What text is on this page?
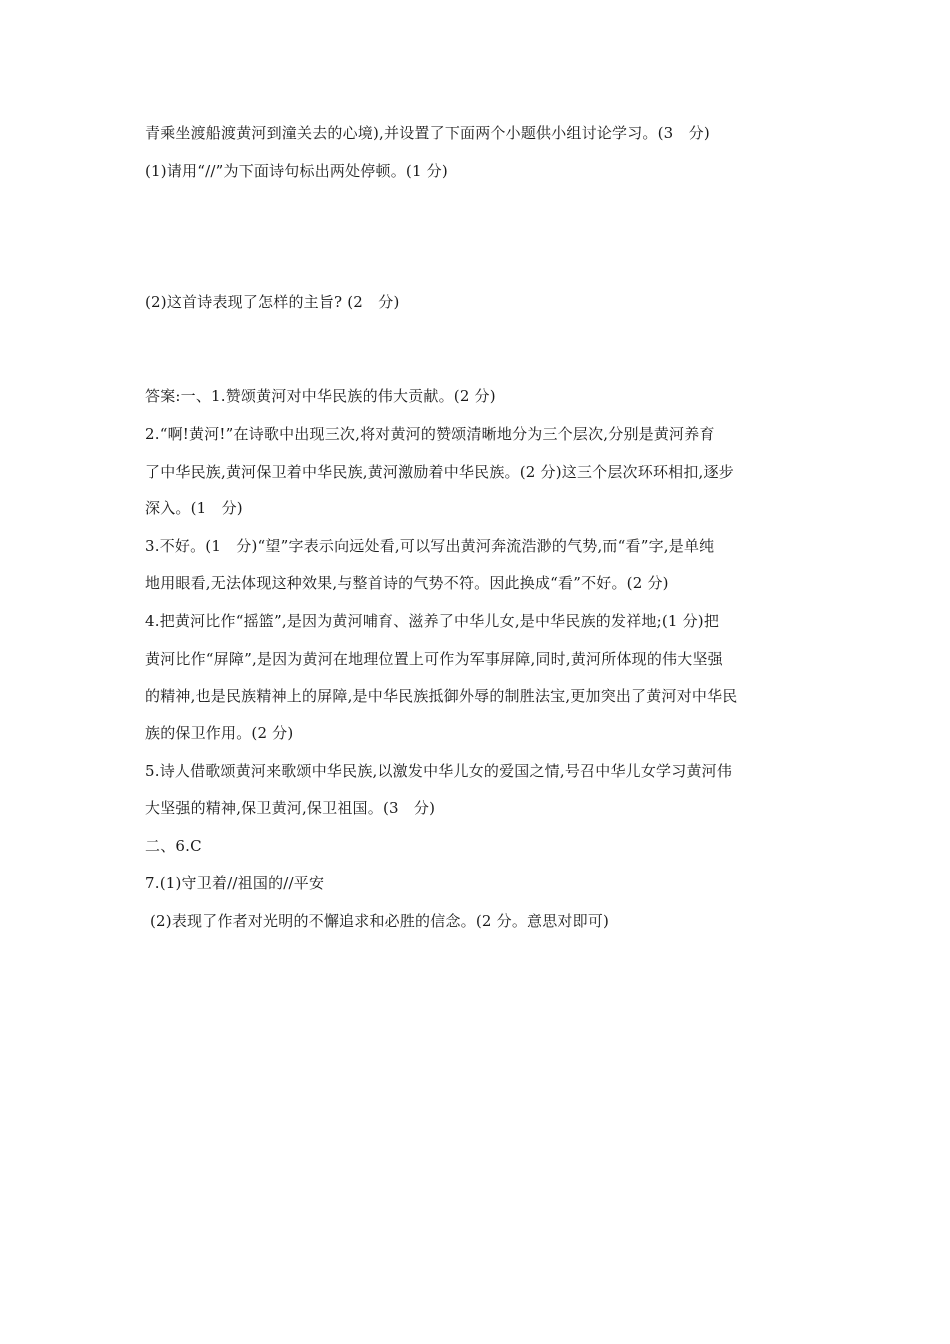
青乘坐渡船渡黄河到潼关去的心境),并设置了下面两个小题供小组讨论学习。(3　分)
(1)请用“//”为下面诗句标出两处停顿。(1 分)
(2)这首诗表现了怎样的主旨? (2　分)
答案:一、1.赞颂黄河对中华民族的伟大贡献。(2 分)
2.“啊!黄河!”在诗歌中出现三次,将对黄河的赞颂清晰地分为三个层次,分别是黄河养育
了中华民族,黄河保卫着中华民族,黄河激励着中华民族。(2 分)这三个层次环环相扣,逐步
深入。(1　分)
3.不好。(1　分)“望”字表示向远处看,可以写出黄河奔流浩渺的气势,而“看”字,是单纯
地用眼看,无法体现这种效果,与整首诗的气势不符。因此换成“看”不好。(2 分)
4.把黄河比作“摇篮”,是因为黄河哺育、滋养了中华儿女,是中华民族的发祥地;(1 分)把
黄河比作“屏障”,是因为黄河在地理位置上可作为军事屏障,同时,黄河所体现的伟大坚强
的精神,也是民族精神上的屏障,是中华民族抵御外辱的制胜法宝,更加突出了黄河对中华民
族的保卫作用。(2 分)
5.诗人借歌颂黄河来歌颂中华民族,以激发中华儿女的爱国之情,号召中华儿女学习黄河伟
大坚强的精神,保卫黄河,保卫祖国。(3　分)
二、6.C
7.(1)守卫着//祖国的//平安
(2)表现了作者对光明的不懈追求和必胜的信念。(2 分。意思对即可)
